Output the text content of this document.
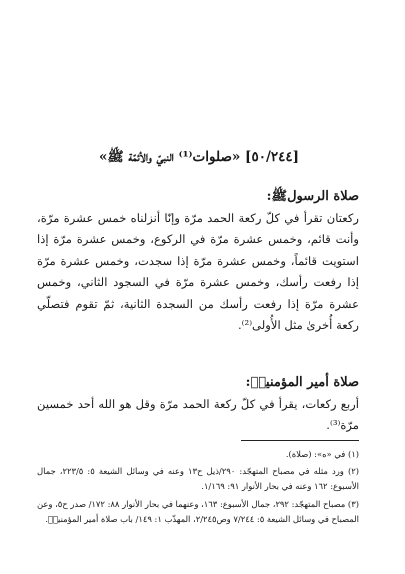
[٥٠/٢٤٤] «صلوات⁽¹⁾ النبيّ والأئمّة ﷺ»
صلاة الرسولﷺ:
ركعتان تقرأ في كلّ ركعة الحمد مرّة وإنّا أنزلناه خمس عشرة مرّة، وأنت قائم، وخمس عشرة مرّة في الركوع، وخمس عشرة مرّة إذا استويت قائماً، وخمس عشرة مرّة إذا سجدت، وخمس عشرة مرّة إذا رفعت رأسك، وخمس عشرة مرّة في السجود الثاني، وخمس عشرة مرّة إذا رفعت رأسك من السجدة الثانية، ثمّ تقوم فتصلّي ركعة أُخرىٰ مثل الأُولى⁽²⁾.
صلاة أمير المؤمنينؑ:
أربع ركعات، يقرأ في كلّ ركعة الحمد مرّة وقل هو الله أحد خمسين مرّة⁽³⁾.

(١) في «ه»: (صلاة).

(٢) ورد مثله في مصباح المتهجّد: ٢٩٠/ذيل ح١٣ وعنه في وسائل الشيعة ٥: ٢٢٣/٥، جمال الأسبوع: ١٦٢ وعنه في بحار الأنوار ٩١: ١/١٦٩.

(٣) مصباح المتهجّد: ٢٩٢، جمال الأسبوع: ١٦٣، وعنهما في بحار الأنوار ٨٨: ١٧٢/ صدر ح٥، وعن المصباح في وسائل الشيعة ٥: ٧/٢٤٤ وص٢/٢٤٥، المهذّب ١: ١٤٩/ باب صلاة أمير المؤمنينؑ.
